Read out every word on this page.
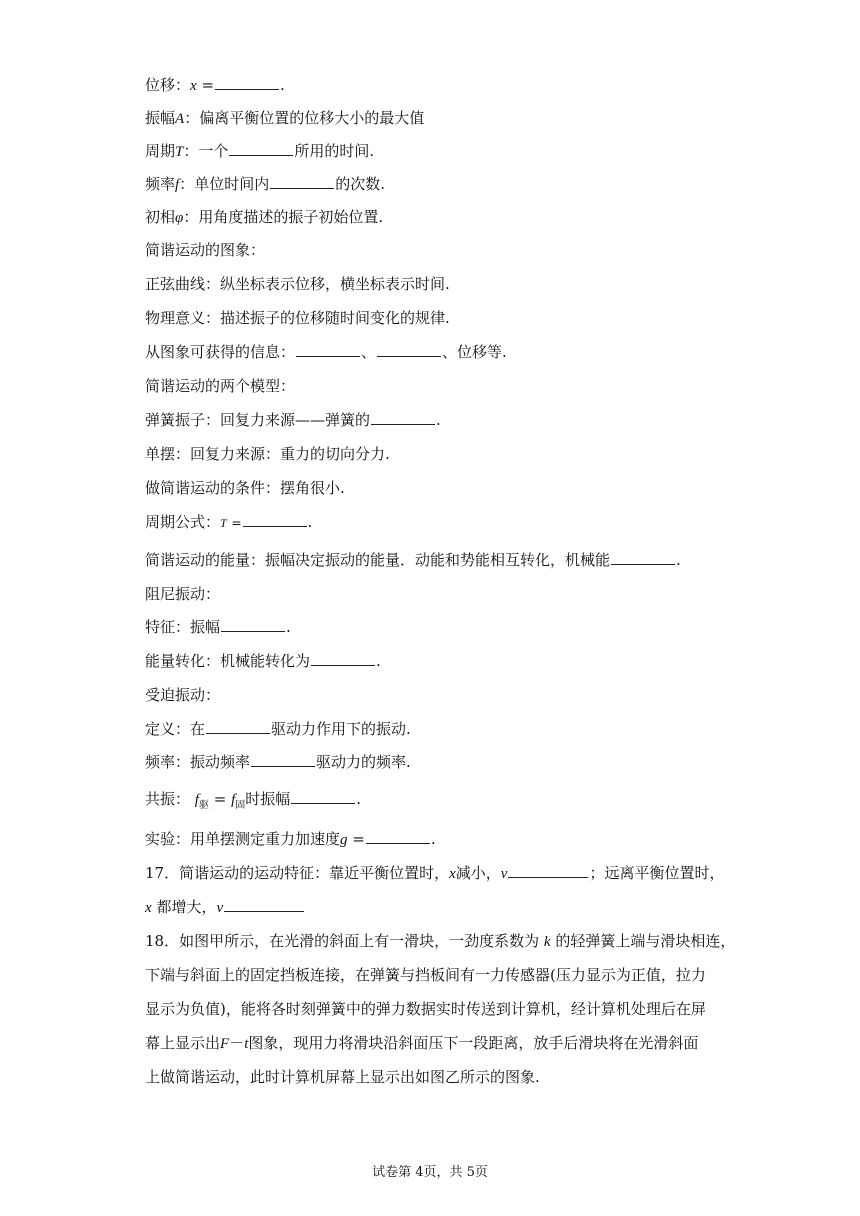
位移：x =	.
振幅A：偏离平衡位置的位移大小的最大值
周期T：一个	所用的时间.
频率f：单位时间内	的次数.
初相φ：用角度描述的振子初始位置.
简谐运动的图象：
正弦曲线：纵坐标表示位移，横坐标表示时间.
物理意义：描述振子的位移随时间变化的规律.
从图象可获得的信息：	、	、位移等.
简谐运动的两个模型：
弹簧振子：回复力来源——弹簧的	.
单摆：回复力来源：重力的切向分力.
做简谐运动的条件：摆角很小.
周期公式：T =	.
简谐运动的能量：振幅决定振动的能量．动能和势能相互转化，机械能	.
阻尼振动：
特征：振幅	.
能量转化：机械能转化为	.
受迫振动：
定义：在	驱动力作用下的振动.
频率：振动频率	驱动力的频率.
共振： $f_驱 = f_固$时振幅	.
实验：用单摆测定重力加速度g =	.
17．简谐运动的运动特征：靠近平衡位置时，x减小，v	；远离平衡位置时，
x 都增大，v
18．如图甲所示，在光滑的斜面上有一滑块，一劲度系数为 k 的轻弹簧上端与滑块相连，
下端与斜面上的固定挡板连接，在弹簧与挡板间有一力传感器(压力显示为正值，拉力
显示为负值)，能将各时刻弹簧中的弹力数据实时传送到计算机，经计算机处理后在屏
幕上显示出F－t图象，现用力将滑块沿斜面压下一段距离，放手后滑块将在光滑斜面
上做简谐运动，此时计算机屏幕上显示出如图乙所示的图象.
试卷第 4页，共 5页
